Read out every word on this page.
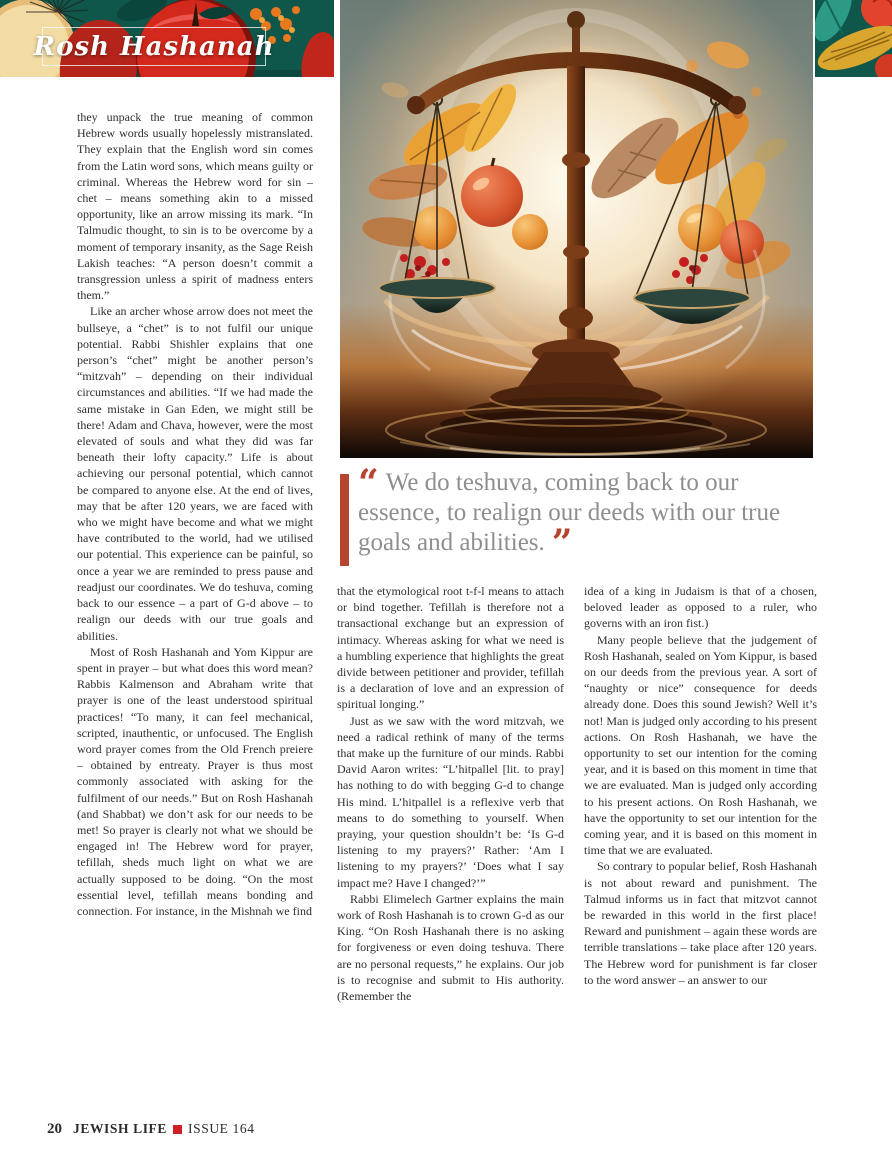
Rosh Hashanah
“ We do teshuva, coming back to our essence, to realign our deeds with our true goals and abilities. ”

they unpack the true meaning of common Hebrew words usually hopelessly mistranslated. They explain that the English word sin comes from the Latin word sons, which means guilty or criminal. Whereas the Hebrew word for sin – chet – means something akin to a missed opportunity, like an arrow missing its mark. “In Talmudic thought, to sin is to be overcome by a moment of temporary insanity, as the Sage Reish Lakish teaches: “A person doesn’t commit a transgression unless a spirit of madness enters them.”

Like an archer whose arrow does not meet the bullseye, a “chet” is to not fulfil our unique potential. Rabbi Shishler explains that one person’s “chet” might be another person’s “mitzvah” – depending on their individual circumstances and abilities. “If we had made the same mistake in Gan Eden, we might still be there! Adam and Chava, however, were the most elevated of souls and what they did was far beneath their lofty capacity.” Life is about achieving our personal potential, which cannot be compared to anyone else. At the end of lives, may that be after 120 years, we are faced with who we might have become and what we might have contributed to the world, had we utilised our potential. This experience can be painful, so once a year we are reminded to press pause and readjust our coordinates. We do teshuva, coming back to our essence – a part of G-d above – to realign our deeds with our true goals and abilities.

Most of Rosh Hashanah and Yom Kippur are spent in prayer – but what does this word mean? Rabbis Kalmenson and Abraham write that prayer is one of the least understood spiritual practices! “To many, it can feel mechanical, scripted, inauthentic, or unfocused. The English word prayer comes from the Old French preiere – obtained by entreaty. Prayer is thus most commonly associated with asking for the fulfilment of our needs.” But on Rosh Hashanah (and Shabbat) we don’t ask for our needs to be met! So prayer is clearly not what we should be engaged in! The Hebrew word for prayer, tefillah, sheds much light on what we are actually supposed to be doing. “On the most essential level, tefillah means bonding and connection. For instance, in the Mishnah we find

that the etymological root t-f-l means to attach or bind together. Tefillah is therefore not a transactional exchange but an expression of intimacy. Whereas asking for what we need is a humbling experience that highlights the great divide between petitioner and provider, tefillah is a declaration of love and an expression of spiritual longing.”

Just as we saw with the word mitzvah, we need a radical rethink of many of the terms that make up the furniture of our minds. Rabbi David Aaron writes: “L’hitpallel [lit. to pray] has nothing to do with begging G-d to change His mind. L’hitpallel is a reflexive verb that means to do something to yourself. When praying, your question shouldn’t be: ‘Is G-d listening to my prayers?’ Rather: ‘Am I listening to my prayers?’ ‘Does what I say impact me? Have I changed?’”

Rabbi Elimelech Gartner explains the main work of Rosh Hashanah is to crown G-d as our King. “On Rosh Hashanah there is no asking for forgiveness or even doing teshuva. There are no personal requests,” he explains. Our job is to recognise and submit to His authority. (Remember the

idea of a king in Judaism is that of a chosen, beloved leader as opposed to a ruler, who governs with an iron fist.)

Many people believe that the judgement of Rosh Hashanah, sealed on Yom Kippur, is based on our deeds from the previous year. A sort of “naughty or nice” consequence for deeds already done. Does this sound Jewish? Well it’s not! Man is judged only according to his present actions. On Rosh Hashanah, we have the opportunity to set our intention for the coming year, and it is based on this moment in time that we are evaluated. Man is judged only according to his present actions. On Rosh Hashanah, we have the opportunity to set our intention for the coming year, and it is based on this moment in time that we are evaluated.

So contrary to popular belief, Rosh Hashanah is not about reward and punishment. The Talmud informs us in fact that mitzvot cannot be rewarded in this world in the first place! Reward and punishment – again these words are terrible translations – take place after 120 years. The Hebrew word for punishment is far closer to the word answer – an answer to our

20 JEWISH LIFE ISSUE 164
